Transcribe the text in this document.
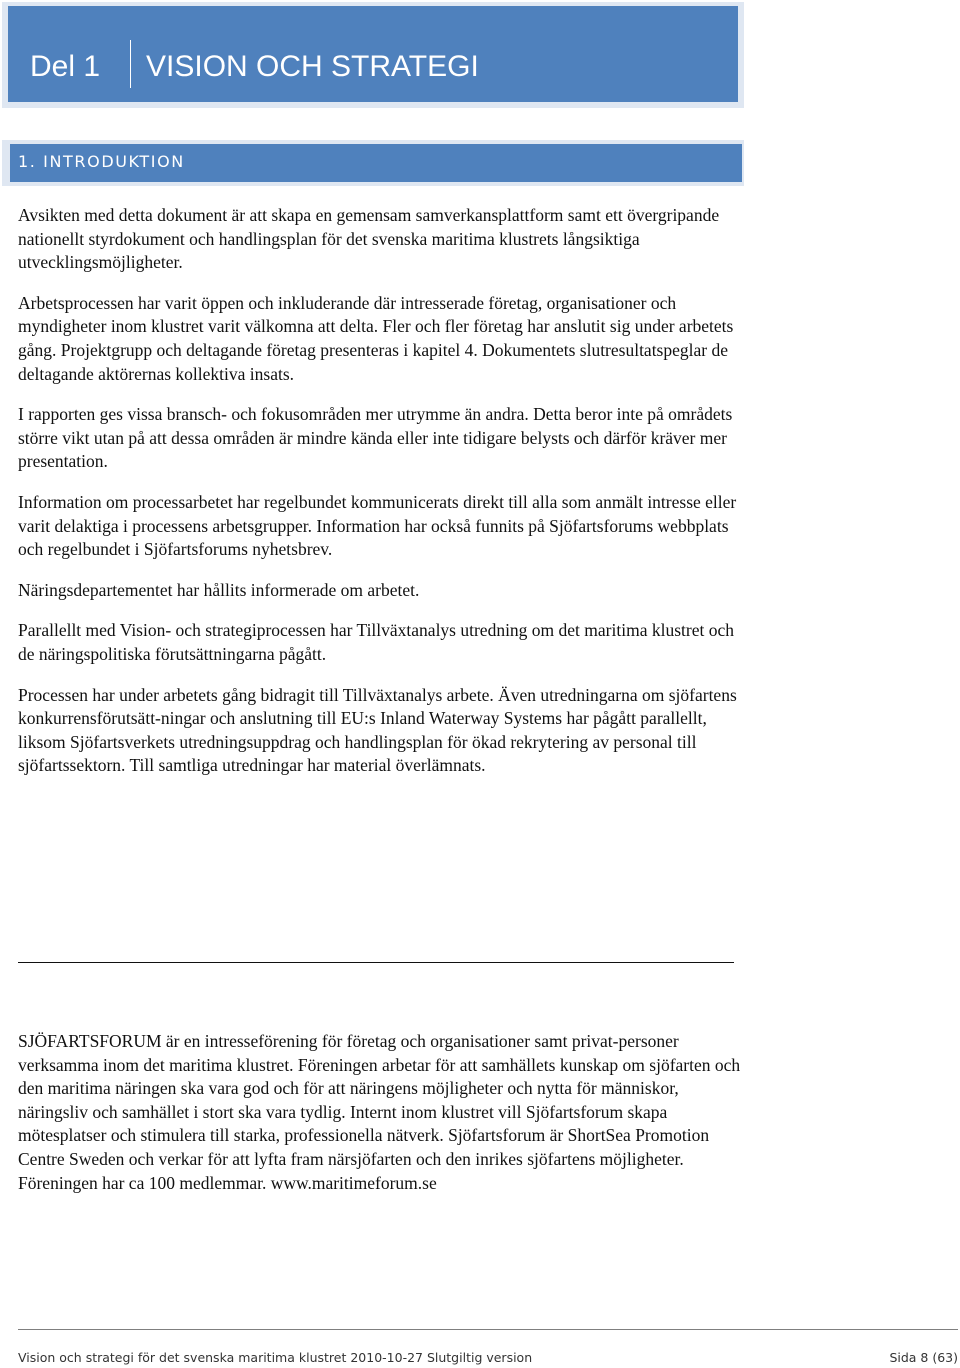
Del 1 VISION OCH STRATEGI
1. INTRODUKTION

Avsikten med detta dokument är att skapa en gemensam samverkansplattform samt ett övergripande nationellt styrdokument och handlingsplan för det svenska maritima klustrets långsiktiga utvecklingsmöjligheter.

Arbetsprocessen har varit öppen och inkluderande där intresserade företag, organisationer och myndigheter inom klustret varit välkomna att delta. Fler och fler företag har anslutit sig under arbetets gång. Projektgrupp och deltagande företag presenteras i kapitel 4. Dokumentets slutresultatspeglar de deltagande aktörernas kollektiva insats.

I rapporten ges vissa bransch- och fokusområden mer utrymme än andra. Detta beror inte på områdets större vikt utan på att dessa områden är mindre kända eller inte tidigare belysts och därför kräver mer presentation.

Information om processarbetet har regelbundet kommunicerats direkt till alla som anmält intresse eller varit delaktiga i processens arbetsgrupper. Information har också funnits på Sjöfartsforums webbplats och regelbundet i Sjöfartsforums nyhetsbrev.

Näringsdepartementet har hållits informerade om arbetet.

Parallellt med Vision- och strategiprocessen har Tillväxtanalys utredning om det maritima klustret och de näringspolitiska förutsättningarna pågått.

Processen har under arbetets gång bidragit till Tillväxtanalys arbete. Även utredningarna om sjöfartens konkurrensförutsätt-ningar och anslutning till EU:s Inland Waterway Systems har pågått parallellt, liksom Sjöfartsverkets utredningsuppdrag och handlingsplan för ökad rekrytering av personal till sjöfartssektorn. Till samtliga utredningar har material överlämnats.

SJÖFARTSFORUM är en intresseförening för företag och organisationer samt privat-personer verksamma inom det maritima klustret. Föreningen arbetar för att samhällets kunskap om sjöfarten och den maritima näringen ska vara god och för att näringens möjligheter och nytta för människor, näringsliv och samhället i stort ska vara tydlig. Internt inom klustret vill Sjöfartsforum skapa mötesplatser och stimulera till starka, professionella nätverk. Sjöfartsforum är ShortSea Promotion Centre Sweden och verkar för att lyfta fram närsjöfarten och den inrikes sjöfartens möjligheter. Föreningen har ca 100 medlemmar. www.maritimeforum.se

Vision och strategi för det svenska maritima klustret 2010-10-27 Slutgiltig version	Sida 8 (63)
